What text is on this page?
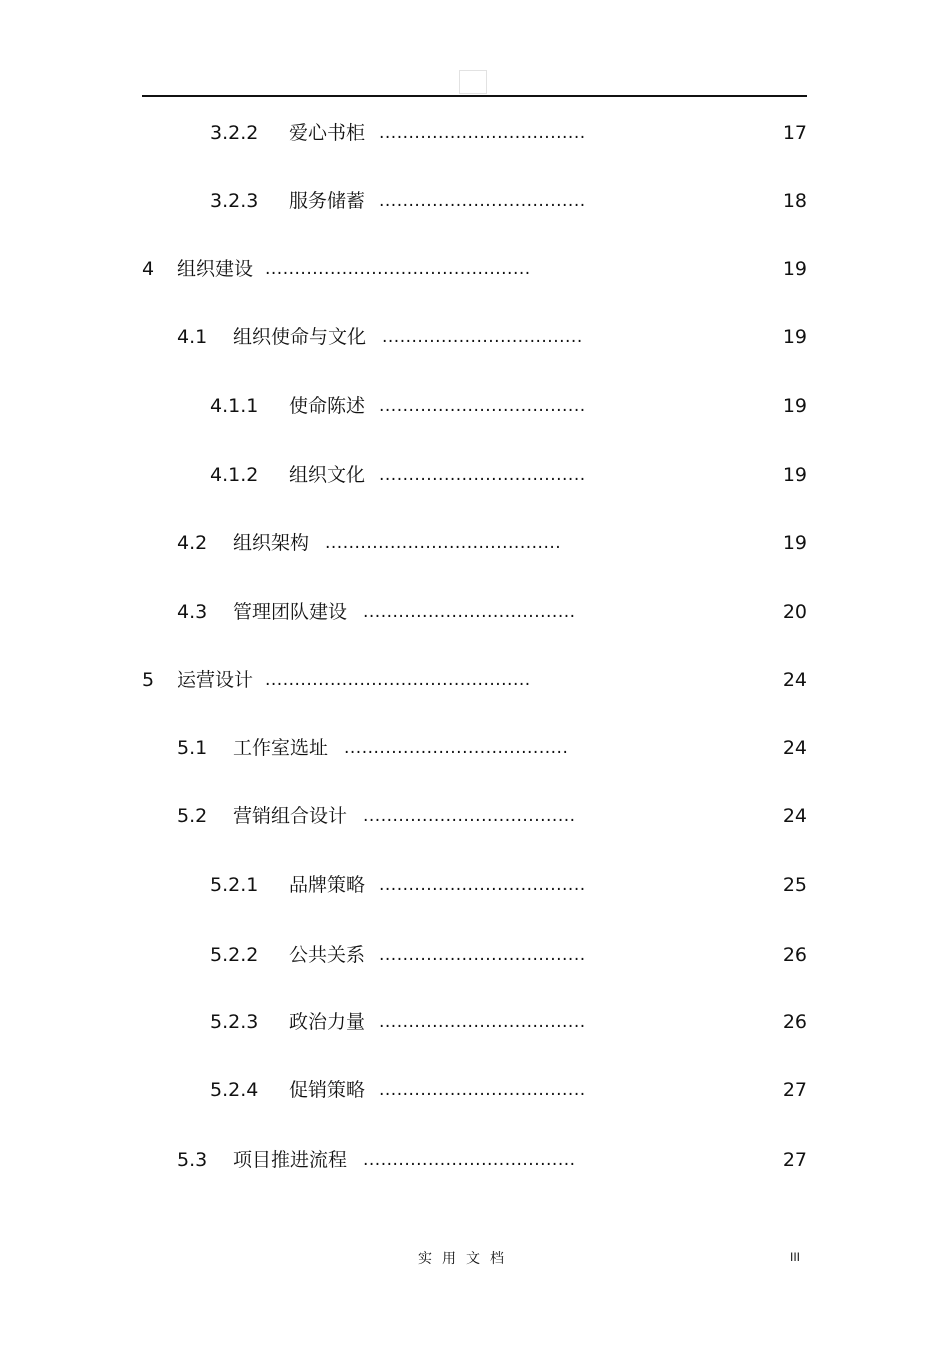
3.2.2 爱心书柜 ...................................	17
3.2.3 服务储蓄 ...................................	18
4 组织建设 .............................................	19
4.1 组织使命与文化 ..................................	19
4.1.1 使命陈述 ...................................	19
4.1.2 组织文化 ...................................	19
4.2 组织架构 ........................................	19
4.3 管理团队建设 ....................................	20
5 运营设计 .............................................	24
5.1 工作室选址 ......................................	24
5.2 营销组合设计 ....................................	24
5.2.1 品牌策略 ...................................	25
5.2.2 公共关系 ...................................	26
5.2.3 政治力量 ...................................	26
5.2.4 促销策略 ...................................	27
5.3 项目推进流程 ....................................	27
实用文档	III
